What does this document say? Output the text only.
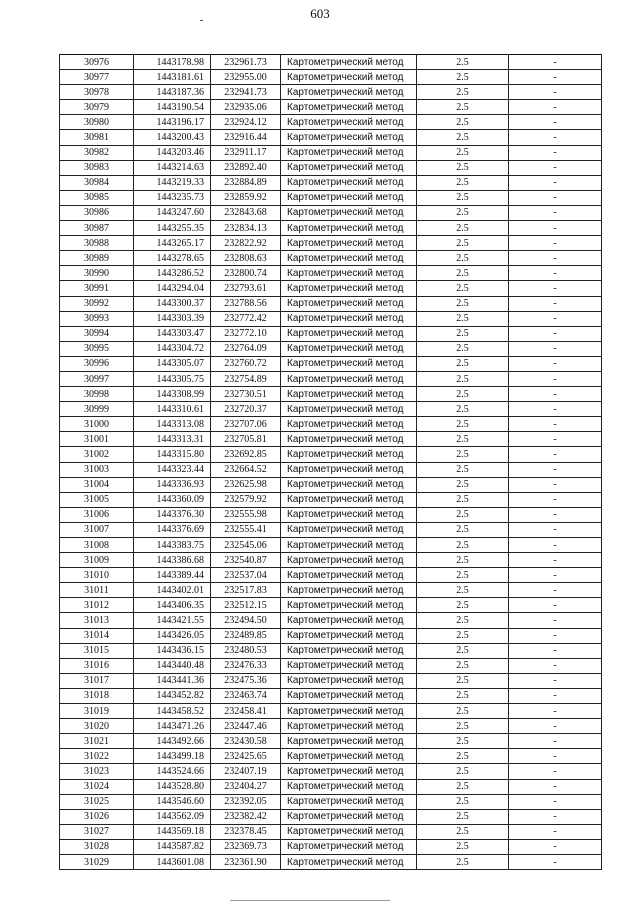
603
30976	1443178.98	232961.73	Картометрический метод	2.5	-
30977	1443181.61	232955.00	Картометрический метод	2.5	-
30978	1443187.36	232941.73	Картометрический метод	2.5	-
30979	1443190.54	232935.06	Картометрический метод	2.5	-
30980	1443196.17	232924.12	Картометрический метод	2.5	-
30981	1443200.43	232916.44	Картометрический метод	2.5	-
30982	1443203.46	232911.17	Картометрический метод	2.5	-
30983	1443214.63	232892.40	Картометрический метод	2.5	-
30984	1443219.33	232884.89	Картометрический метод	2.5	-
30985	1443235.73	232859.92	Картометрический метод	2.5	-
30986	1443247.60	232843.68	Картометрический метод	2.5	-
30987	1443255.35	232834.13	Картометрический метод	2.5	-
30988	1443265.17	232822.92	Картометрический метод	2.5	-
30989	1443278.65	232808.63	Картометрический метод	2.5	-
30990	1443286.52	232800.74	Картометрический метод	2.5	-
30991	1443294.04	232793.61	Картометрический метод	2.5	-
30992	1443300.37	232788.56	Картометрический метод	2.5	-
30993	1443303.39	232772.42	Картометрический метод	2.5	-
30994	1443303.47	232772.10	Картометрический метод	2.5	-
30995	1443304.72	232764.09	Картометрический метод	2.5	-
30996	1443305.07	232760.72	Картометрический метод	2.5	-
30997	1443305.75	232754.89	Картометрический метод	2.5	-
30998	1443308.99	232730.51	Картометрический метод	2.5	-
30999	1443310.61	232720.37	Картометрический метод	2.5	-
31000	1443313.08	232707.06	Картометрический метод	2.5	-
31001	1443313.31	232705.81	Картометрический метод	2.5	-
31002	1443315.80	232692.85	Картометрический метод	2.5	-
31003	1443323.44	232664.52	Картометрический метод	2.5	-
31004	1443336.93	232625.98	Картометрический метод	2.5	-
31005	1443360.09	232579.92	Картометрический метод	2.5	-
31006	1443376.30	232555.98	Картометрический метод	2.5	-
31007	1443376.69	232555.41	Картометрический метод	2.5	-
31008	1443383.75	232545.06	Картометрический метод	2.5	-
31009	1443386.68	232540.87	Картометрический метод	2.5	-
31010	1443389.44	232537.04	Картометрический метод	2.5	-
31011	1443402.01	232517.83	Картометрический метод	2.5	-
31012	1443406.35	232512.15	Картометрический метод	2.5	-
31013	1443421.55	232494.50	Картометрический метод	2.5	-
31014	1443426.05	232489.85	Картометрический метод	2.5	-
31015	1443436.15	232480.53	Картометрический метод	2.5	-
31016	1443440.48	232476.33	Картометрический метод	2.5	-
31017	1443441.36	232475.36	Картометрический метод	2.5	-
31018	1443452.82	232463.74	Картометрический метод	2.5	-
31019	1443458.52	232458.41	Картометрический метод	2.5	-
31020	1443471.26	232447.46	Картометрический метод	2.5	-
31021	1443492.66	232430.58	Картометрический метод	2.5	-
31022	1443499.18	232425.65	Картометрический метод	2.5	-
31023	1443524.66	232407.19	Картометрический метод	2.5	-
31024	1443528.80	232404.27	Картометрический метод	2.5	-
31025	1443546.60	232392.05	Картометрический метод	2.5	-
31026	1443562.09	232382.42	Картометрический метод	2.5	-
31027	1443569.18	232378.45	Картометрический метод	2.5	-
31028	1443587.82	232369.73	Картометрический метод	2.5	-
31029	1443601.08	232361.90	Картометрический метод	2.5	-
